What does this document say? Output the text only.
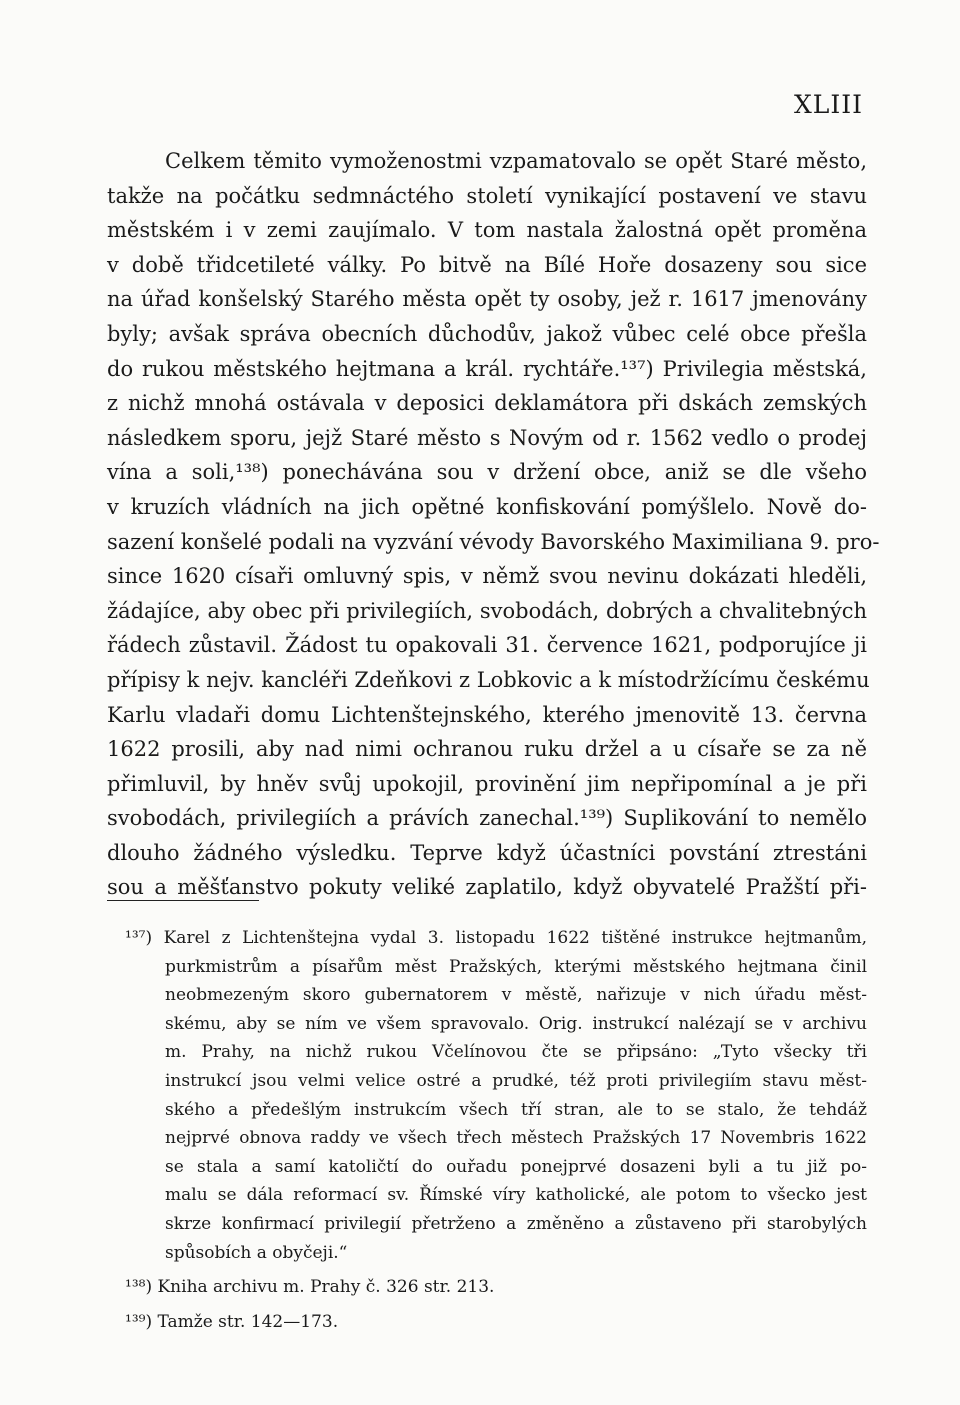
XLIII
Celkem těmito vymoženostmi vzpamatovalo se opět Staré město,
takže na počátku sedmnáctého století vynikající postavení ve stavu
městském i v zemi zaujímalo. V tom nastala žalostná opět proměna
v době třidcetileté války. Po bitvě na Bílé Hoře dosazeny sou sice
na úřad konšelský Starého města opět ty osoby, jež r. 1617 jmenovány
byly; avšak správa obecních důchodův, jakož vůbec celé obce přešla
do rukou městského hejtmana a král. rychtáře.¹³⁷) Privilegia městská,
z nichž mnohá ostávala v deposici deklamátora při dskách zemských
následkem sporu, jejž Staré město s Novým od r. 1562 vedlo o prodej
vína a soli,¹³⁸) ponechávána sou v držení obce, aniž se dle všeho
v kruzích vládních na jich opětné konfiskování pomýšlelo. Nově do-
sazení konšelé podali na vyzvání vévody Bavorského Maximiliana 9. pro-
since 1620 císaři omluvný spis, v němž svou nevinu dokázati hleděli,
žádajíce, aby obec při privilegiích, svobodách, dobrých a chvalitebných
řádech zůstavil. Žádost tu opakovali 31. července 1621, podporujíce ji
přípisy k nejv. kancléři Zdeňkovi z Lobkovic a k místodržícímu českému
Karlu vladaři domu Lichtenštejnského, kterého jmenovitě 13. června
1622 prosili, aby nad nimi ochranou ruku držel a u císaře se za ně
přimluvil, by hněv svůj upokojil, provinění jim nepřipomínal a je při
svobodách, privilegiích a právích zanechal.¹³⁹) Suplikování to nemělo
dlouho žádného výsledku. Teprve když účastníci povstání ztrestáni
sou a měšťanstvo pokuty veliké zaplatilo, když obyvatelé Pražští při-
¹³⁷) Karel z Lichtenštejna vydal 3. listopadu 1622 tištěné instrukce hejtmanům,
purkmistrům a písařům měst Pražských, kterými městského hejtmana činil
neobmezeným skoro gubernatorem v městě, nařizuje v nich úřadu měst-
skému, aby se ním ve všem spravovalo. Orig. instrukcí nalézají se v archivu
m. Prahy, na nichž rukou Včelínovou čte se připsáno: „Tyto všecky tři
instrukcí jsou velmi velice ostré a prudké, též proti privilegiím stavu měst-
ského a předešlým instrukcím všech tří stran, ale to se stalo, že tehdáž
nejprvé obnova raddy ve všech třech městech Pražských 17 Novembris 1622
se stala a samí katoličtí do ouřadu ponejprvé dosazeni byli a tu již po-
malu se dála reformací sv. Římské víry katholické, ale potom to všecko jest
skrze konfirmací privilegií přetrženo a změněno a zůstaveno při starobylých
spůsobích a obyčeji.“
¹³⁸) Kniha archivu m. Prahy č. 326 str. 213.
¹³⁹) Tamže str. 142—173.
